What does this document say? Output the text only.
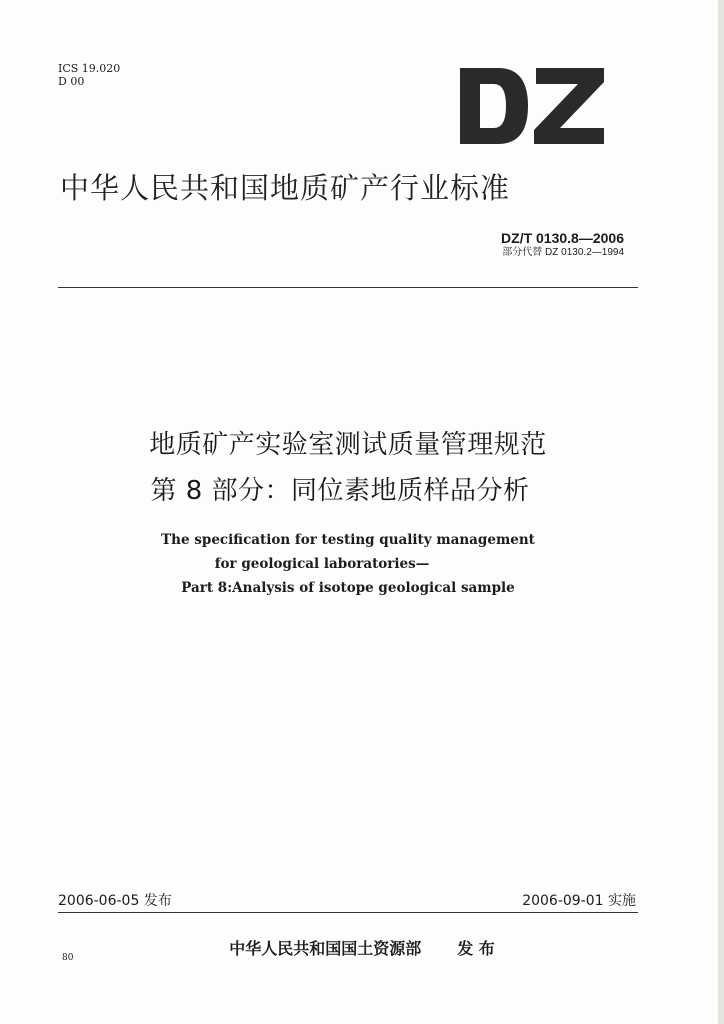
ICS 19.020
D 00
中华人民共和国地质矿产行业标准
DZ/T 0130.8—2006
部分代替 DZ 0130.2—1994
地质矿产实验室测试质量管理规范
第 8 部分：同位素地质样品分析
The specification for testing quality management
for geological laboratories—
Part 8:Analysis of isotope geological sample
2006-06-05 发布	2006-09-01 实施
中华人民共和国国土资源部 发 布
80
